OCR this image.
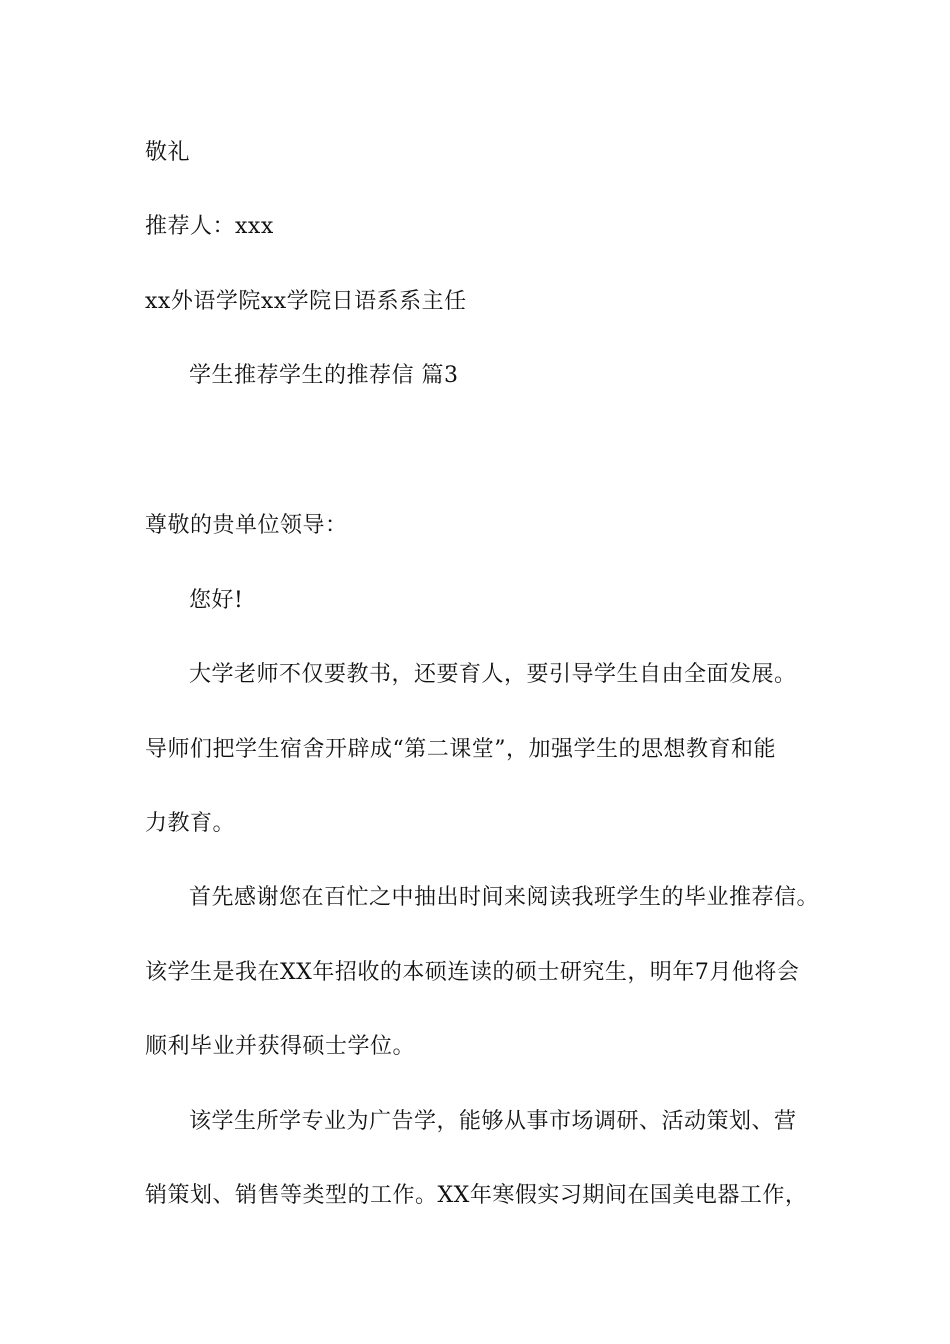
敬礼
推荐人：xxx
xx外语学院xx学院日语系系主任
学生推荐学生的推荐信 篇3
尊敬的贵单位领导：
您好!
大学老师不仅要教书，还要育人，要引导学生自由全面发展。
导师们把学生宿舍开辟成“第二课堂”，加强学生的思想教育和能
力教育。
首先感谢您在百忙之中抽出时间来阅读我班学生的毕业推荐信。
该学生是我在XX年招收的本硕连读的硕士研究生，明年7月他将会
顺利毕业并获得硕士学位。
该学生所学专业为广告学，能够从事市场调研、活动策划、营
销策划、销售等类型的工作。XX年寒假实习期间在国美电器工作，
